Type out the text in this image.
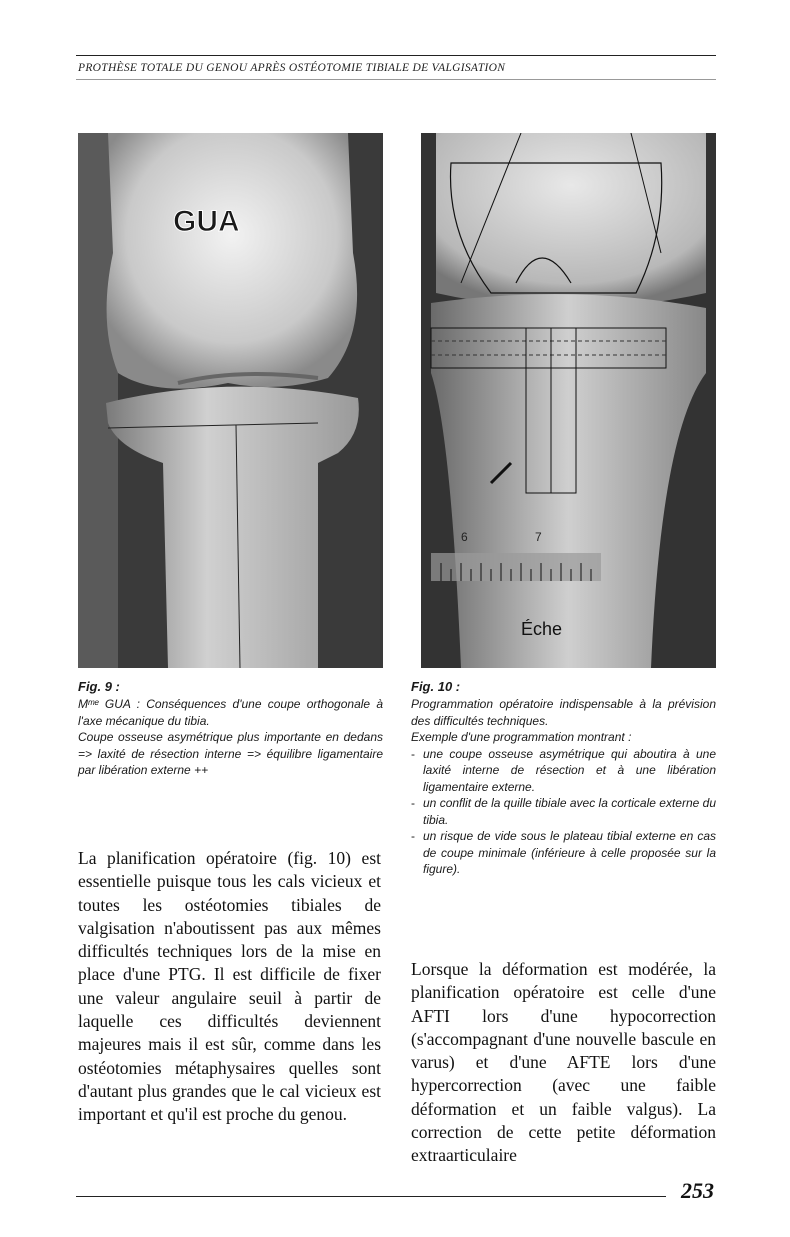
PROTHÈSE TOTALE DU GENOU APRÈS OSTÉOTOMIE TIBIALE DE VALGISATION
GUA
6	7
Éche
Fig. 9 :
Mᵐᵉ GUA : Conséquences d'une coupe orthogonale à l'axe mécanique du tibia.
Coupe osseuse asymétrique plus importante en dedans => laxité de résection interne => équilibre ligamentaire par libération externe ++
Fig. 10 :
Programmation opératoire indispensable à la prévision des difficultés techniques.
Exemple d'une programmation montrant :
- une coupe osseuse asymétrique qui aboutira à une laxité interne de résection et à une libération ligamentaire externe.
- un conflit de la quille tibiale avec la corticale externe du tibia.
- un risque de vide sous le plateau tibial externe en cas de coupe minimale (inférieure à celle proposée sur la figure).
La planification opératoire (fig. 10) est essentielle puisque tous les cals vicieux et toutes les ostéotomies tibiales de valgisation n'aboutissent pas aux mêmes difficultés techniques lors de la mise en place d'une PTG. Il est difficile de fixer une valeur angulaire seuil à partir de laquelle ces difficultés deviennent majeures mais il est sûr, comme dans les ostéotomies métaphysaires quelles sont d'autant plus grandes que le cal vicieux est important et qu'il est proche du genou.
Lorsque la déformation est modérée, la planification opératoire est celle d'une AFTI lors d'une hypocorrection (s'accompagnant d'une nouvelle bascule en varus) et d'une AFTE lors d'une hypercorrection (avec une faible déformation et un faible valgus). La correction de cette petite déformation extraarticulaire
253
